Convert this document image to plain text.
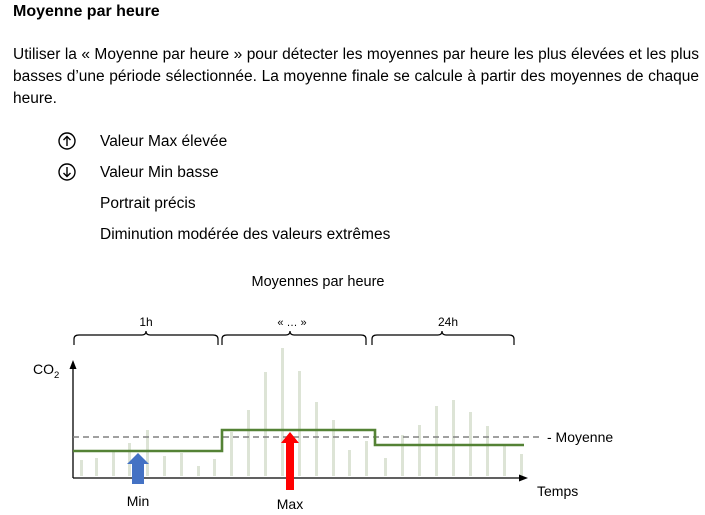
Moyenne par heure
Utiliser la « Moyenne par heure » pour détecter les moyennes par heure les plus élevées et les plus basses d’une période sélectionnée. La moyenne finale se calcule à partir des moyennes de chaque heure.
Valeur Max élevée
Valeur Min basse
Portrait précis
Diminution modérée des valeurs extrêmes
Moyennes par heure
1h	« … »	24h
$CO_2$
Temps
- Moyenne
Min	Max
